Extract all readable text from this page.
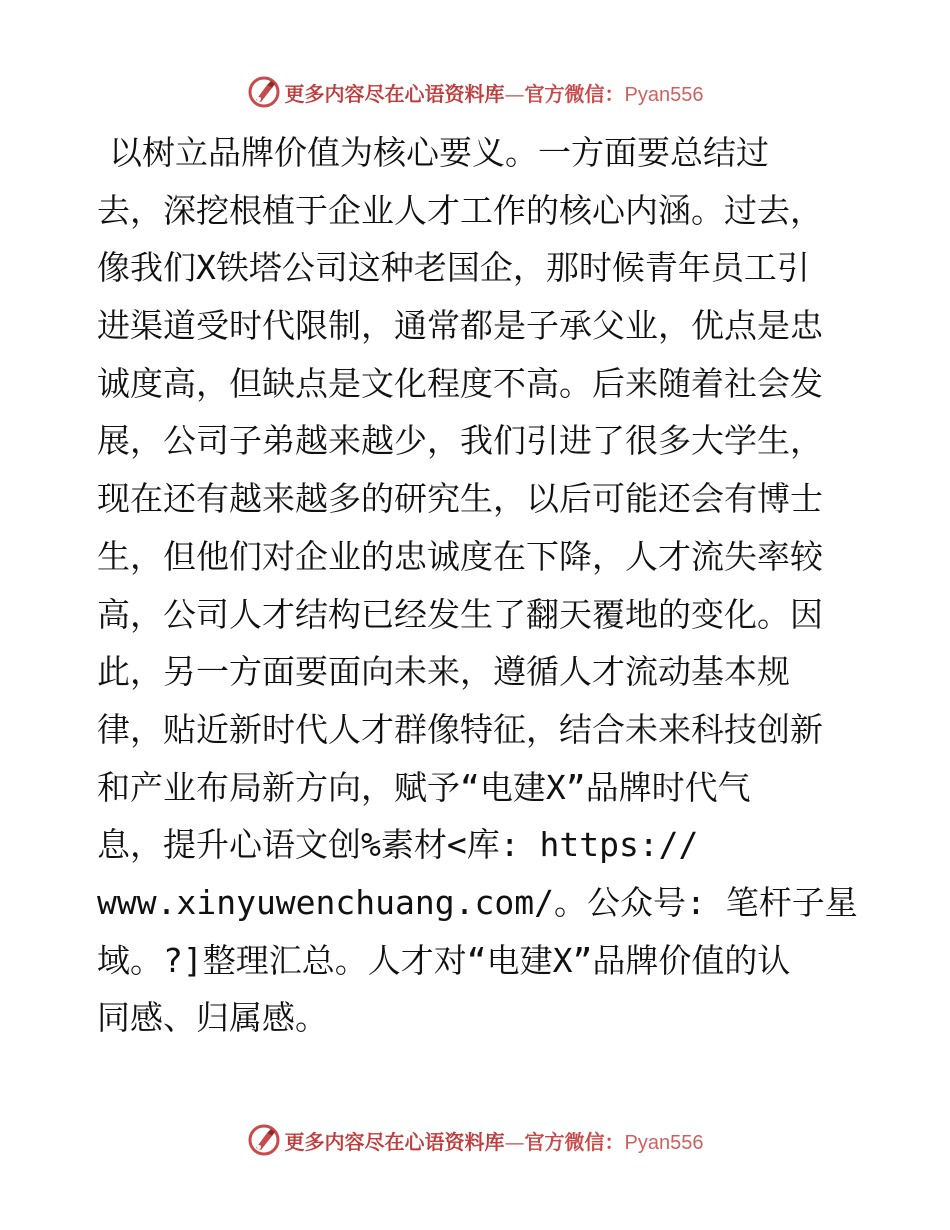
更多内容尽在心语资料库—官方微信：Pyan556
以树立品牌价值为核心要义。一方面要总结过
去，深挖根植于企业人才工作的核心内涵。过去，
像我们X铁塔公司这种老国企，那时候青年员工引
进渠道受时代限制，通常都是子承父业，优点是忠
诚度高，但缺点是文化程度不高。后来随着社会发
展，公司子弟越来越少，我们引进了很多大学生，
现在还有越来越多的研究生，以后可能还会有博士
生，但他们对企业的忠诚度在下降，人才流失率较
高，公司人才结构已经发生了翻天覆地的变化。因
此，另一方面要面向未来，遵循人才流动基本规
律，贴近新时代人才群像特征，结合未来科技创新
和产业布局新方向，赋予“电建X”品牌时代气
息，提升心语文创%素材<库: https://
www.xinyuwenchuang.com/。公众号: 笔杆子星
域。?]整理汇总。人才对“电建X”品牌价值的认
同感、归属感。
更多内容尽在心语资料库—官方微信：Pyan556
